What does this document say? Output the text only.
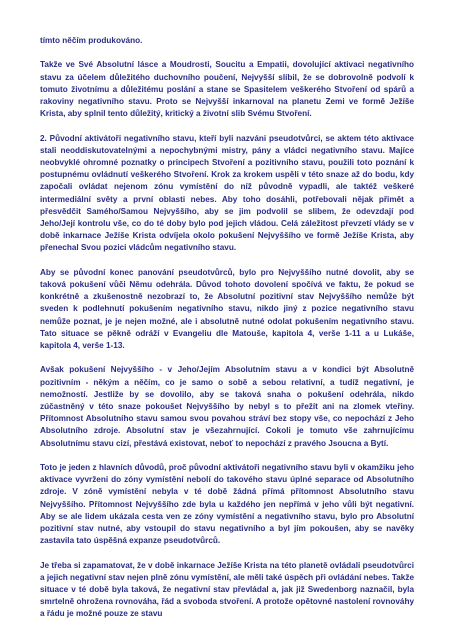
tímto něčím produkováno.

Takže ve Své Absolutní lásce a Moudrosti, Soucitu a Empatii, dovolující aktivaci negativního stavu za účelem důležitého duchovního poučení, Nejvyšší slíbil, že se dobrovolně podvolí k tomuto životnímu a důležitému poslání a stane se Spasitelem veškerého Stvoření od spárů a rakoviny negativního stavu. Proto se Nejvyšší inkarnoval na planetu Zemi ve formě Ježíše Krista, aby splnil tento důležitý, kritický a životní slib Svému Stvoření.

2. Původní aktivátoři negativního stavu, kteří byli nazváni pseudotvůrci, se aktem této aktivace stali neoddiskutovatelnými a nepochybnými mistry, pány a vládci negativního stavu. Majíce neobvyklé ohromné poznatky o principech Stvoření a pozitivního stavu, použili toto poznání k postupnému ovládnutí veškerého Stvoření. Krok za krokem uspěli v této snaze až do bodu, kdy započali ovládat nejenom zónu vymístění do níž původně vypadli, ale taktéž veškeré intermediální světy a první oblasti nebes. Aby toho dosáhli, potřebovali nějak přimět a přesvědčit Samého/Samou Nejvyššího, aby se jim podvolil se slibem, že odevzdají pod Jeho/Její kontrolu vše, co do té doby bylo pod jejich vládou. Celá záležitost převzetí vlády se v době inkarnace Ježíše Krista odvíjela okolo pokušení Nejvyššího ve formě Ježíše Krista, aby přenechal Svou pozici vládcům negativního stavu.

Aby se původní konec panování pseudotvůrců, bylo pro Nejvyššího nutné dovolit, aby se taková pokušení vůči Němu odehrála. Důvod tohoto dovolení spočívá ve faktu, že pokud se konkrétně a zkušenostně nezobrazí to, že Absolutní pozitivní stav Nejvyššího nemůže být sveden k podlehnutí pokušením negativního stavu, nikdo jiný z pozice negativního stavu nemůže poznat, je je nejen možné, ale i absolutně nutné odolat pokušením negativního stavu. Tato situace se pěkně odráží v Evangeliu dle Matouše, kapitola 4, verše 1-11 a u Lukáše, kapitola 4, verše 1-13.

Avšak pokušení Nejvyššího - v Jeho/Jejím Absolutním stavu a v kondici být Absolutně pozitivním - někým a něčím, co je samo o sobě a sebou relativní, a tudíž negativní, je nemožností. Jestliže by se dovolilo, aby se taková snaha o pokušení odehrála, nikdo zúčastněný v této snaze pokoušet Nejvyššího by nebyl s to přežít ani na zlomek vteřiny. Přítomnost Absolutního stavu samou svou povahou stráví bez stopy vše, co nepochází z Jeho Absolutního zdroje. Absolutní stav je všezahrnující. Cokoli je tomuto vše zahrnujícímu Absolutnímu stavu cizí, přestává existovat, neboť to nepochází z pravého Jsoucna a Bytí.

Toto je jeden z hlavních důvodů, proč původní aktivátoři negativního stavu byli v okamžiku jeho aktivace vyvrženi do zóny vymístění nebolí do takového stavu úplné separace od Absolutního zdroje. V zóně vymístění nebyla v té době žádná přímá přítomnost Absolutního stavu Nejvyššího. Přítomnost Nejvyššího zde byla u každého jen nepřímá v jeho vůli být negativní. Aby se ale lidem ukázala cesta ven ze zóny vymístění a negativního stavu, bylo pro Absolutní pozitivní stav nutné, aby vstoupil do stavu negativního a byl jím pokoušen, aby se navěky zastavila tato úspěšná expanze pseudotvůrců.

Je třeba si zapamatovat, že v době inkarnace Ježíše Krista na této planetě ovládali pseudotvůrci a jejich negativní stav nejen plně zónu vymístění, ale měli také úspěch při ovládání nebes. Takže situace v té době byla taková, že negativní stav převládal a, jak již Swedenborg naznačil, byla smrtelně ohrožena rovnováha, řád a svoboda stvoření. A protože opětovné nastolení rovnováhy a řádu je možné pouze ze stavu
